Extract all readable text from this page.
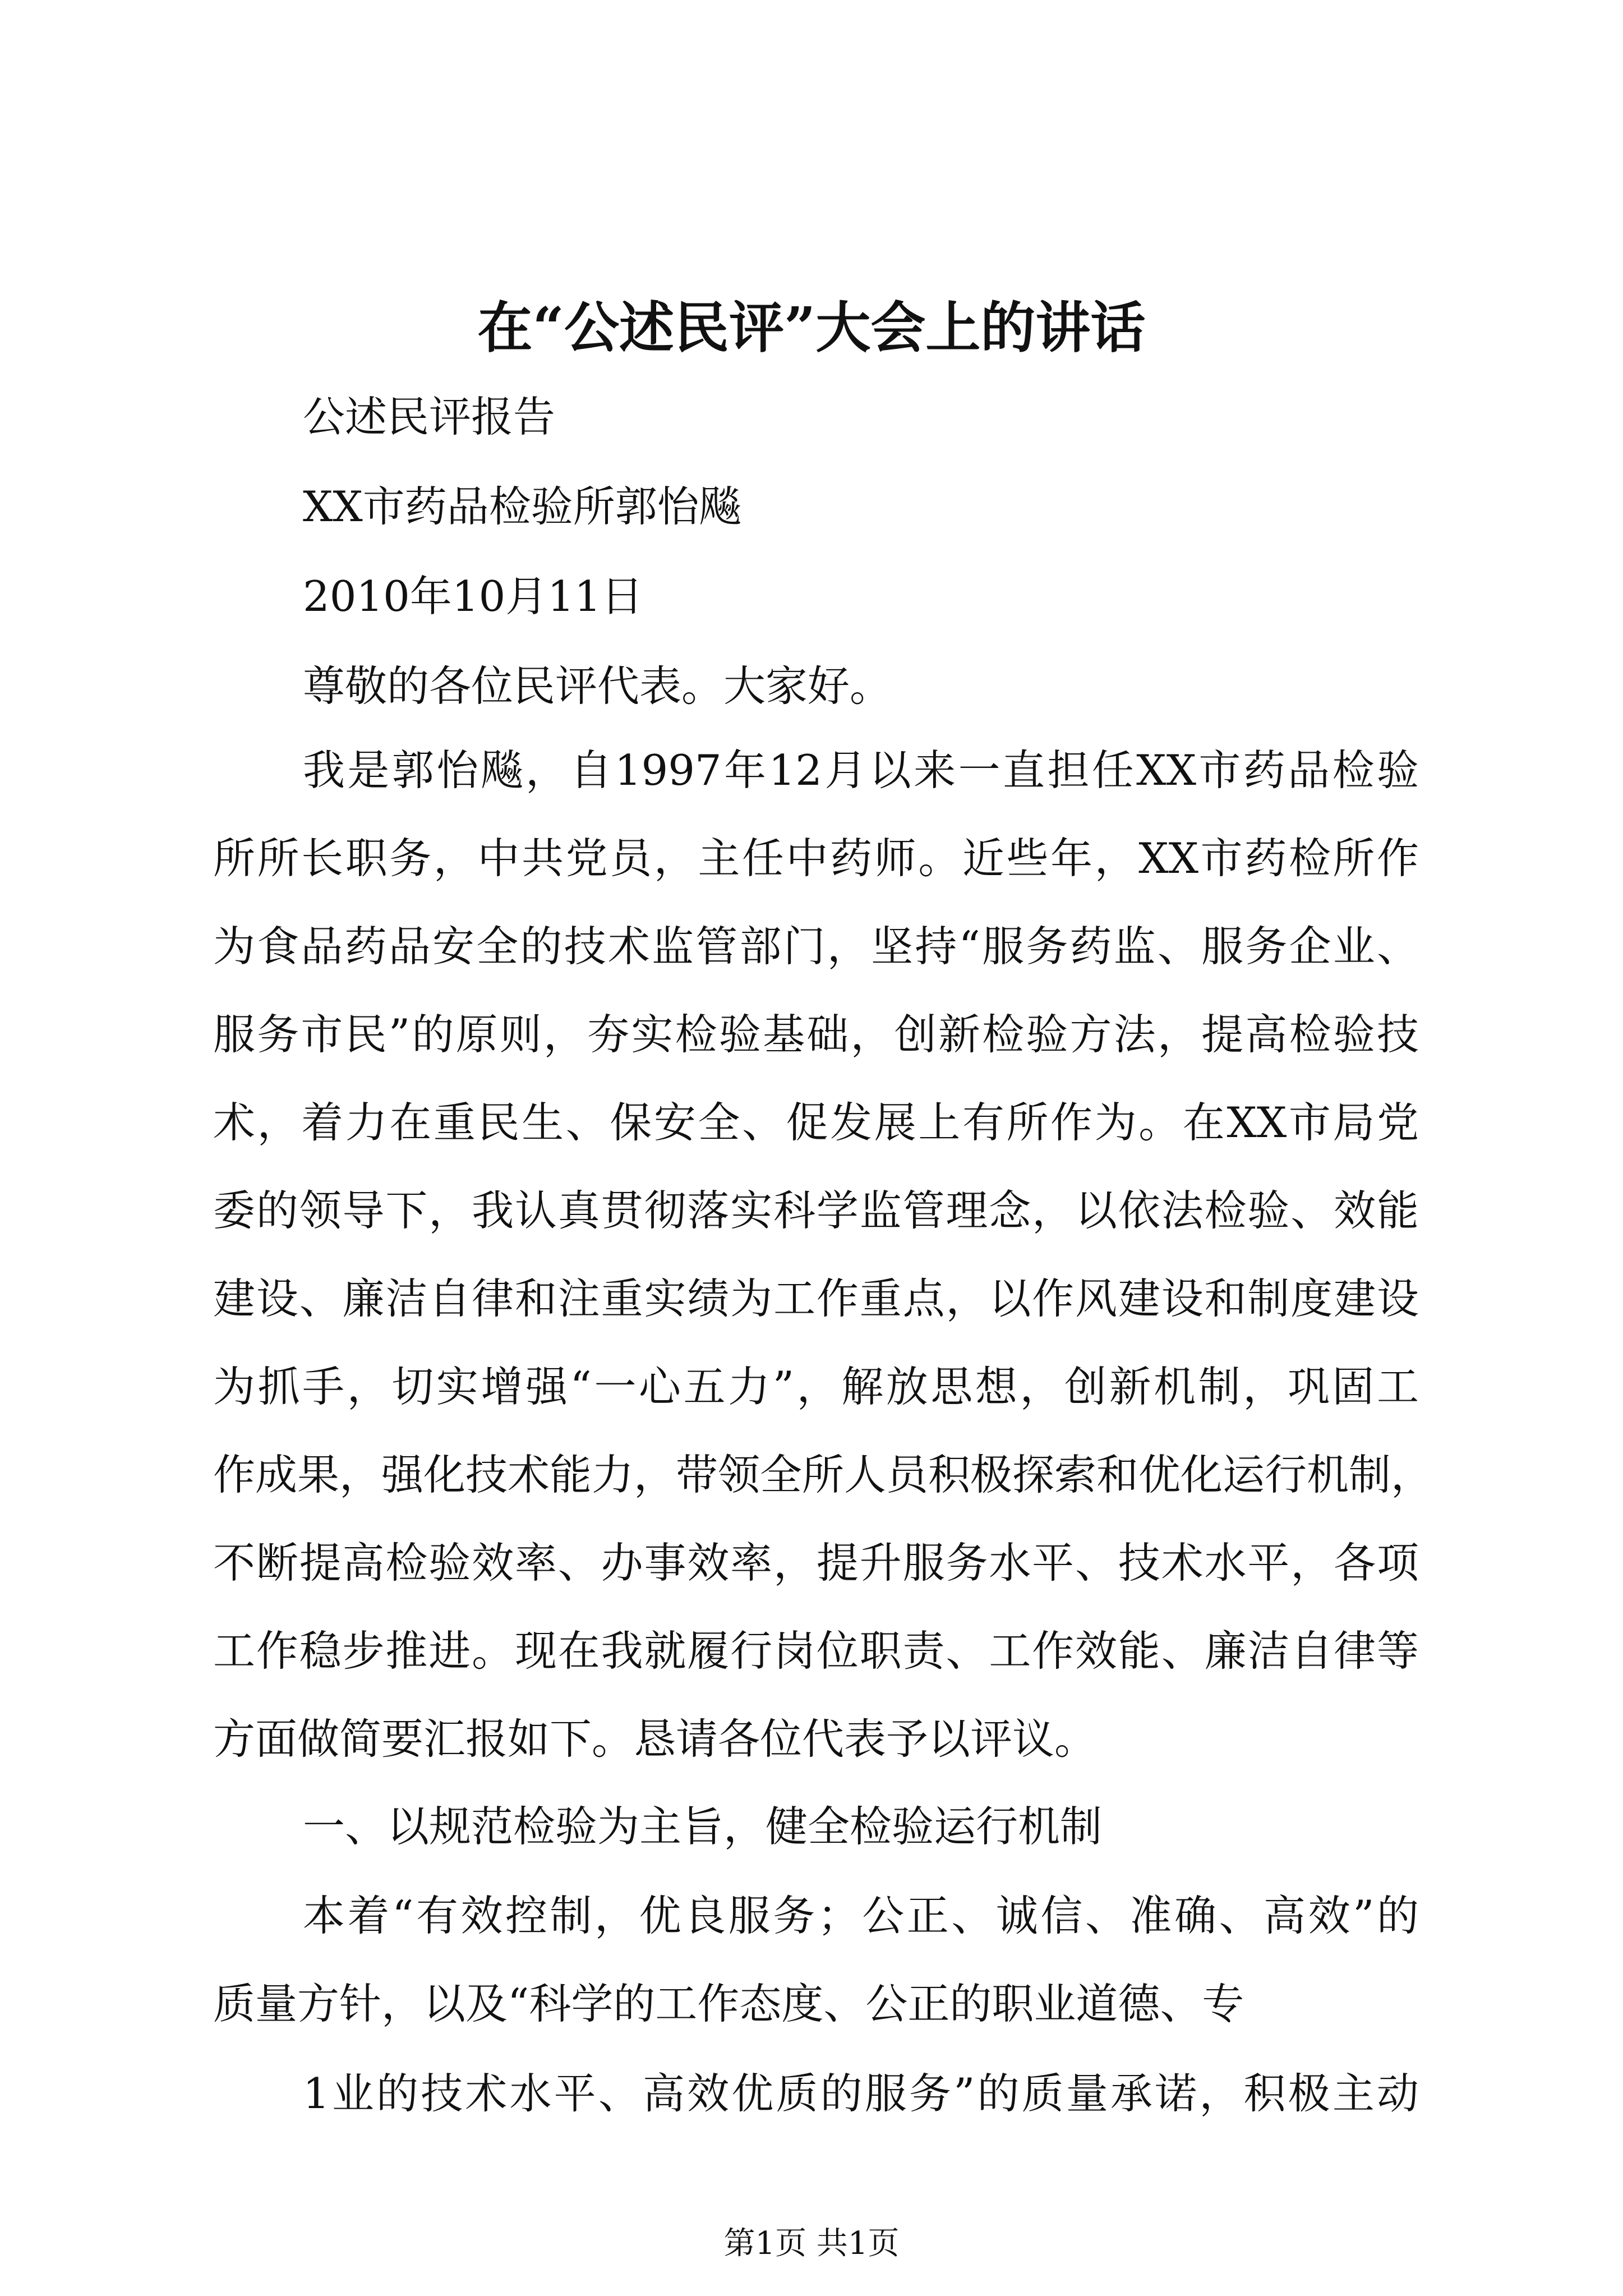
在“公述民评”大会上的讲话
公述民评报告
XX市药品检验所郭怡飚
2010年10月11日
尊敬的各位民评代表。大家好。
我是郭怡飚，自1997年12月以来一直担任XX市药品检验
所所长职务，中共党员，主任中药师。近些年，XX市药检所作
为食品药品安全的技术监管部门，坚持“服务药监、服务企业、
服务市民”的原则，夯实检验基础，创新检验方法，提高检验技
术，着力在重民生、保安全、促发展上有所作为。在XX市局党
委的领导下，我认真贯彻落实科学监管理念，以依法检验、效能
建设、廉洁自律和注重实绩为工作重点，以作风建设和制度建设
为抓手，切实增强“一心五力”，解放思想，创新机制，巩固工
作成果，强化技术能力，带领全所人员积极探索和优化运行机制，
不断提高检验效率、办事效率，提升服务水平、技术水平，各项
工作稳步推进。现在我就履行岗位职责、工作效能、廉洁自律等
方面做简要汇报如下。恳请各位代表予以评议。
一、以规范检验为主旨，健全检验运行机制
本着“有效控制，优良服务；公正、诚信、准确、高效”的
质量方针，以及“科学的工作态度、公正的职业道德、专
1业的技术水平、高效优质的服务”的质量承诺，积极主动
第1页 共1页
